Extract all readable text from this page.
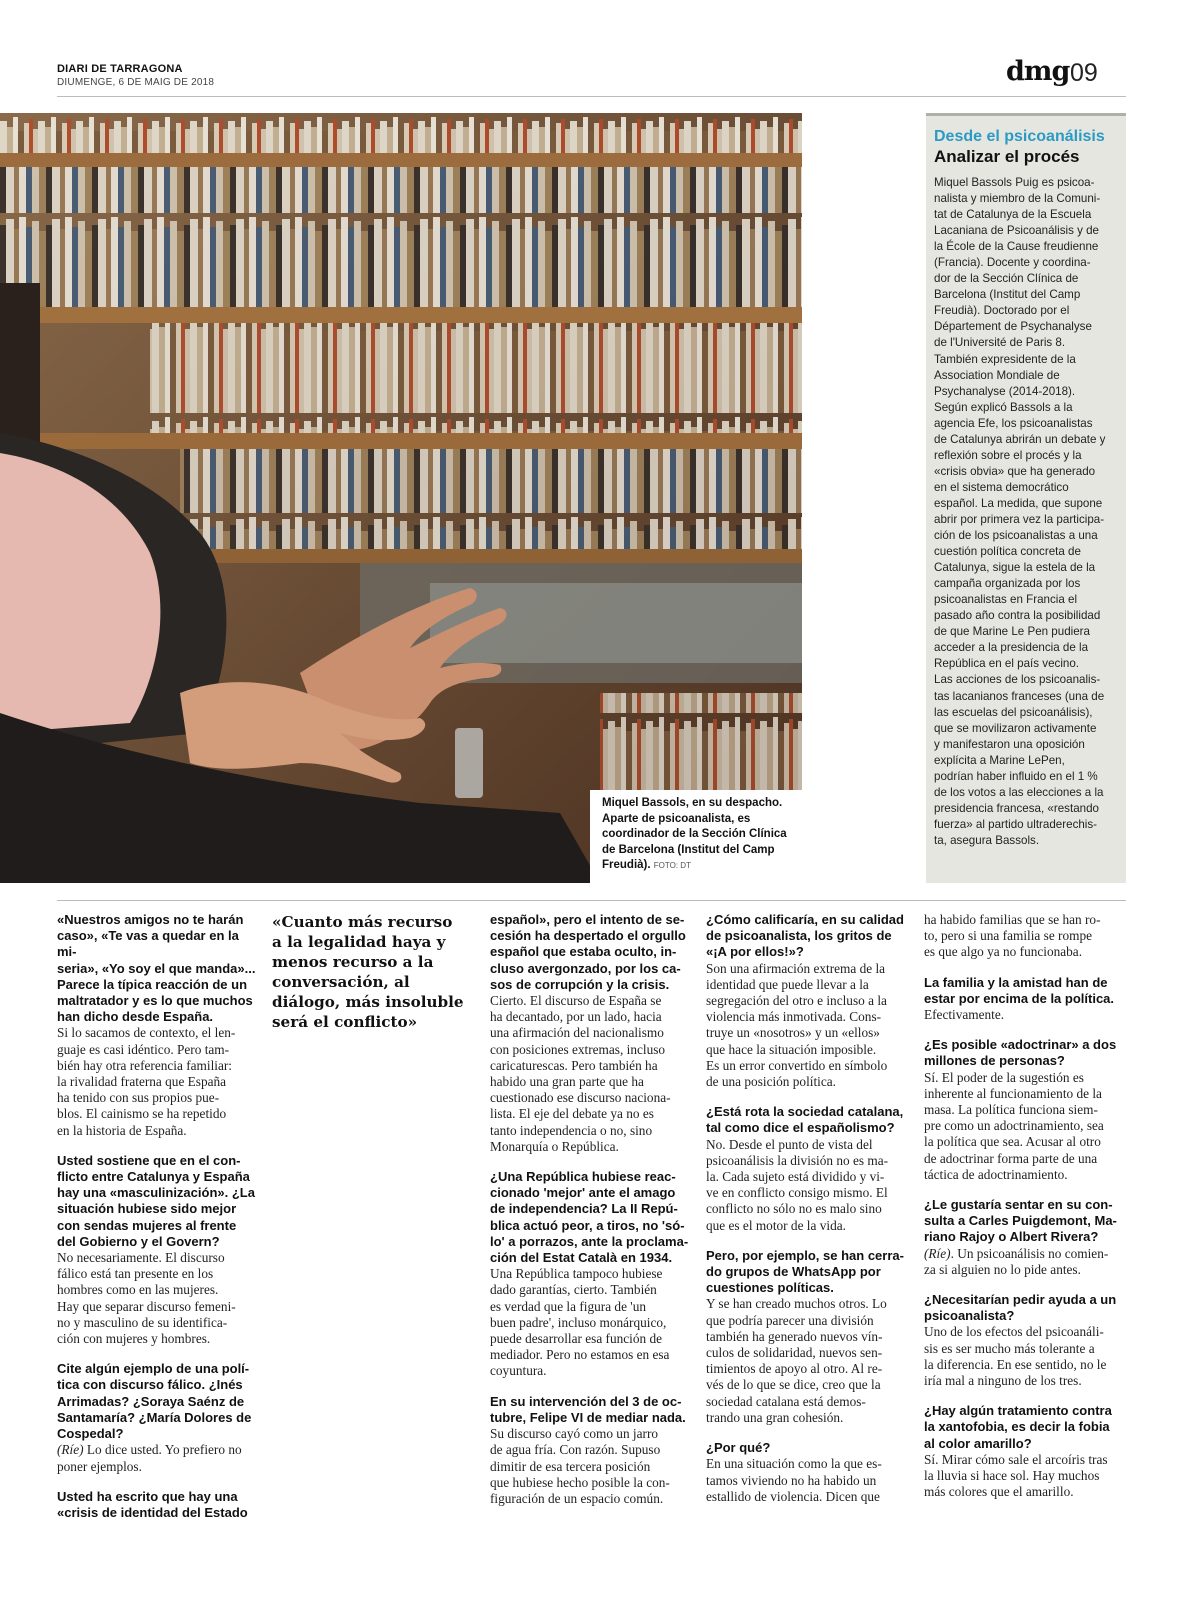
DIARI DE TARRAGONA
DIUMENGE, 6 DE MAIG DE 2018	dmg 09
Miquel Bassols, en su despacho. Aparte de psicoanalista, es coordinador de la Sección Clínica de Barcelona (Institut del Camp Freudià). FOTO: DT
Desde el psicoanálisis
Analizar el procés
Miquel Bassols Puig es psicoa-
nalista y miembro de la Comuni-
tat de Catalunya de la Escuela
Lacaniana de Psicoanálisis y de
la École de la Cause freudienne
(Francia). Docente y coordina-
dor de la Sección Clínica de
Barcelona (Institut del Camp
Freudià). Doctorado por el
Département de Psychanalyse
de l'Université de Paris 8.
También expresidente de la
Association Mondiale de
Psychanalyse (2014-2018).
Según explicó Bassols a la
agencia Efe, los psicoanalistas
de Catalunya abrirán un debate y
reflexión sobre el procés y la
«crisis obvia» que ha generado
en el sistema democrático
español. La medida, que supone
abrir por primera vez la participa-
ción de los psicoanalistas a una
cuestión política concreta de
Catalunya, sigue la estela de la
campaña organizada por los
psicoanalistas en Francia el
pasado año contra la posibilidad
de que Marine Le Pen pudiera
acceder a la presidencia de la
República en el país vecino.
Las acciones de los psicoanalis-
tas lacanianos franceses (una de
las escuelas del psicoanálisis),
que se movilizaron activamente
y manifestaron una oposición
explícita a Marine LePen,
podrían haber influido en el 1 %
de los votos a las elecciones a la
presidencia francesa, «restando
fuerza» al partido ultraderechis-
ta, asegura Bassols.

«Nuestros amigos no te harán
caso», «Te vas a quedar en la mi-
seria», «Yo soy el que manda»...
Parece la típica reacción de un
maltratador y es lo que muchos
han dicho desde España.

Si lo sacamos de contexto, el len-
guaje es casi idéntico. Pero tam-
bién hay otra referencia familiar:
la rivalidad fraterna que España
ha tenido con sus propios pue-
blos. El cainismo se ha repetido
en la historia de España.

Usted sostiene que en el con-
flicto entre Catalunya y España
hay una «masculinización». ¿La
situación hubiese sido mejor
con sendas mujeres al frente
del Gobierno y el Govern?

No necesariamente. El discurso
fálico está tan presente en los
hombres como en las mujeres.
Hay que separar discurso femeni-
no y masculino de su identifica-
ción con mujeres y hombres.

Cite algún ejemplo de una polí-
tica con discurso fálico. ¿Inés
Arrimadas? ¿Soraya Saénz de
Santamaría? ¿María Dolores de
Cospedal?

(Ríe) Lo dice usted. Yo prefiero no
poner ejemplos.

Usted ha escrito que hay una
«crisis de identidad del Estado

«Cuanto más recurso
a la legalidad haya y
menos recurso a la
conversación, al
diálogo, más insoluble
será el conflicto»

español», pero el intento de se-
cesión ha despertado el orgullo
español que estaba oculto, in-
cluso avergonzado, por los ca-
sos de corrupción y la crisis.

Cierto. El discurso de España se
ha decantado, por un lado, hacia
una afirmación del nacionalismo
con posiciones extremas, incluso
caricaturescas. Pero también ha
habido una gran parte que ha
cuestionado ese discurso naciona-
lista. El eje del debate ya no es
tanto independencia o no, sino
Monarquía o República.

¿Una República hubiese reac-
cionado 'mejor' ante el amago
de independencia? La II Repú-
blica actuó peor, a tiros, no 'só-
lo' a porrazos, ante la proclama-
ción del Estat Català en 1934.

Una República tampoco hubiese
dado garantías, cierto. También
es verdad que la figura de 'un
buen padre', incluso monárquico,
puede desarrollar esa función de
mediador. Pero no estamos en esa
coyuntura.

En su intervención del 3 de oc-
tubre, Felipe VI de mediar nada.

Su discurso cayó como un jarro
de agua fría. Con razón. Supuso
dimitir de esa tercera posición
que hubiese hecho posible la con-
figuración de un espacio común.

¿Cómo calificaría, en su calidad
de psicoanalista, los gritos de
«¡A por ellos!»?

Son una afirmación extrema de la
identidad que puede llevar a la
segregación del otro e incluso a la
violencia más inmotivada. Cons-
truye un «nosotros» y un «ellos»
que hace la situación imposible.
Es un error convertido en símbolo
de una posición política.

¿Está rota la sociedad catalana,
tal como dice el españolismo?

No. Desde el punto de vista del
psicoanálisis la división no es ma-
la. Cada sujeto está dividido y vi-
ve en conflicto consigo mismo. El
conflicto no sólo no es malo sino
que es el motor de la vida.

Pero, por ejemplo, se han cerra-
do grupos de WhatsApp por
cuestiones políticas.

Y se han creado muchos otros. Lo
que podría parecer una división
también ha generado nuevos vín-
culos de solidaridad, nuevos sen-
timientos de apoyo al otro. Al re-
vés de lo que se dice, creo que la
sociedad catalana está demos-
trando una gran cohesión.

¿Por qué?

En una situación como la que es-
tamos viviendo no ha habido un
estallido de violencia. Dicen que

ha habido familias que se han ro-
to, pero si una familia se rompe
es que algo ya no funcionaba.

La familia y la amistad han de
estar por encima de la política.

Efectivamente.

¿Es posible «adoctrinar» a dos
millones de personas?

Sí. El poder de la sugestión es
inherente al funcionamiento de la
masa. La política funciona siem-
pre como un adoctrinamiento, sea
la política que sea. Acusar al otro
de adoctrinar forma parte de una
táctica de adoctrinamiento.

¿Le gustaría sentar en su con-
sulta a Carles Puigdemont, Ma-
riano Rajoy o Albert Rivera?

(Ríe). Un psicoanálisis no comien-
za si alguien no lo pide antes.

¿Necesitarían pedir ayuda a un
psicoanalista?

Uno de los efectos del psicoanáli-
sis es ser mucho más tolerante a
la diferencia. En ese sentido, no le
iría mal a ninguno de los tres.

¿Hay algún tratamiento contra
la xantofobia, es decir la fobia
al color amarillo?

Sí. Mirar cómo sale el arcoíris tras
la lluvia si hace sol. Hay muchos
más colores que el amarillo.
